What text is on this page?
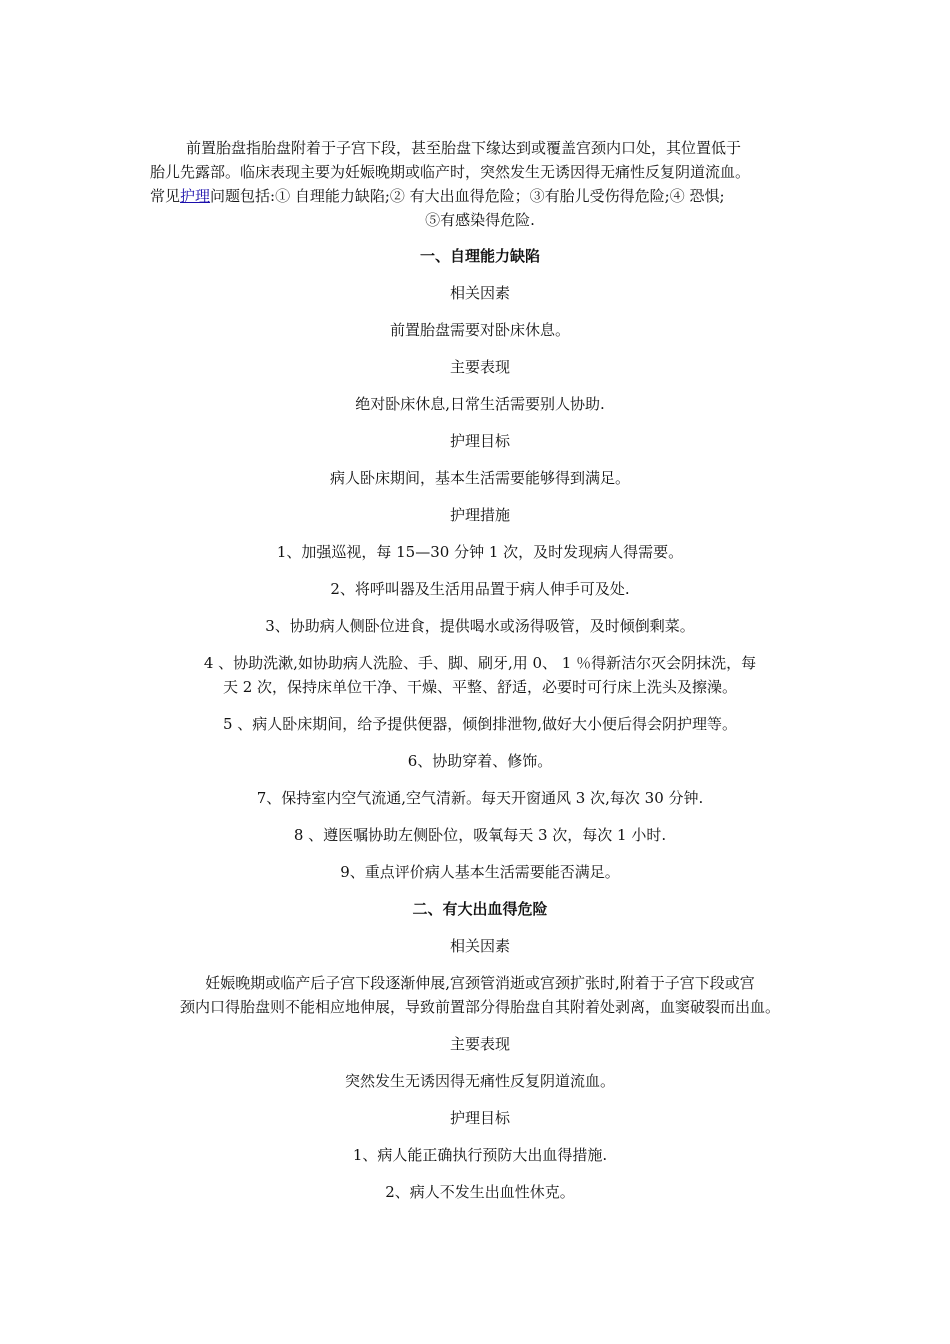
前置胎盘指胎盘附着于子宫下段，甚至胎盘下缘达到或覆盖宫颈内口处，其位置低于
胎儿先露部。临床表现主要为妊娠晚期或临产时，突然发生无诱因得无痛性反复阴道流血。
常见护理问题包括:① 自理能力缺陷;② 有大出血得危险；③有胎儿受伤得危险;④ 恐惧;

⑤有感染得危险.

一、自理能力缺陷

相关因素

前置胎盘需要对卧床休息。

主要表现

绝对卧床休息,日常生活需要别人协助.

护理目标

病人卧床期间，基本生活需要能够得到满足。

护理措施

1、加强巡视，每 15—30 分钟 1 次，及时发现病人得需要。

2、将呼叫器及生活用品置于病人伸手可及处.

3、协助病人侧卧位进食，提供喝水或汤得吸管，及时倾倒剩菜。

4 、协助洗漱,如协助病人洗脸、手、脚、刷牙,用 0、 1 ％得新洁尔灭会阴抹洗，每
天 2 次，保持床单位干净、干燥、平整、舒适，必要时可行床上洗头及擦澡。

5 、病人卧床期间，给予提供便器，倾倒排泄物,做好大小便后得会阴护理等。

6、协助穿着、修饰。

7、保持室内空气流通,空气清新。每天开窗通风 3 次,每次 30 分钟.

8 、遵医嘱协助左侧卧位，吸氧每天 3 次，每次 1 小时.

9、重点评价病人基本生活需要能否满足。

二、有大出血得危险

相关因素

妊娠晚期或临产后子宫下段逐渐伸展,宫颈管消逝或宫颈扩张时,附着于子宫下段或宫
颈内口得胎盘则不能相应地伸展，导致前置部分得胎盘自其附着处剥离，血窦破裂而出血。

主要表现

突然发生无诱因得无痛性反复阴道流血。

护理目标

1、病人能正确执行预防大出血得措施.

2、病人不发生出血性休克。
